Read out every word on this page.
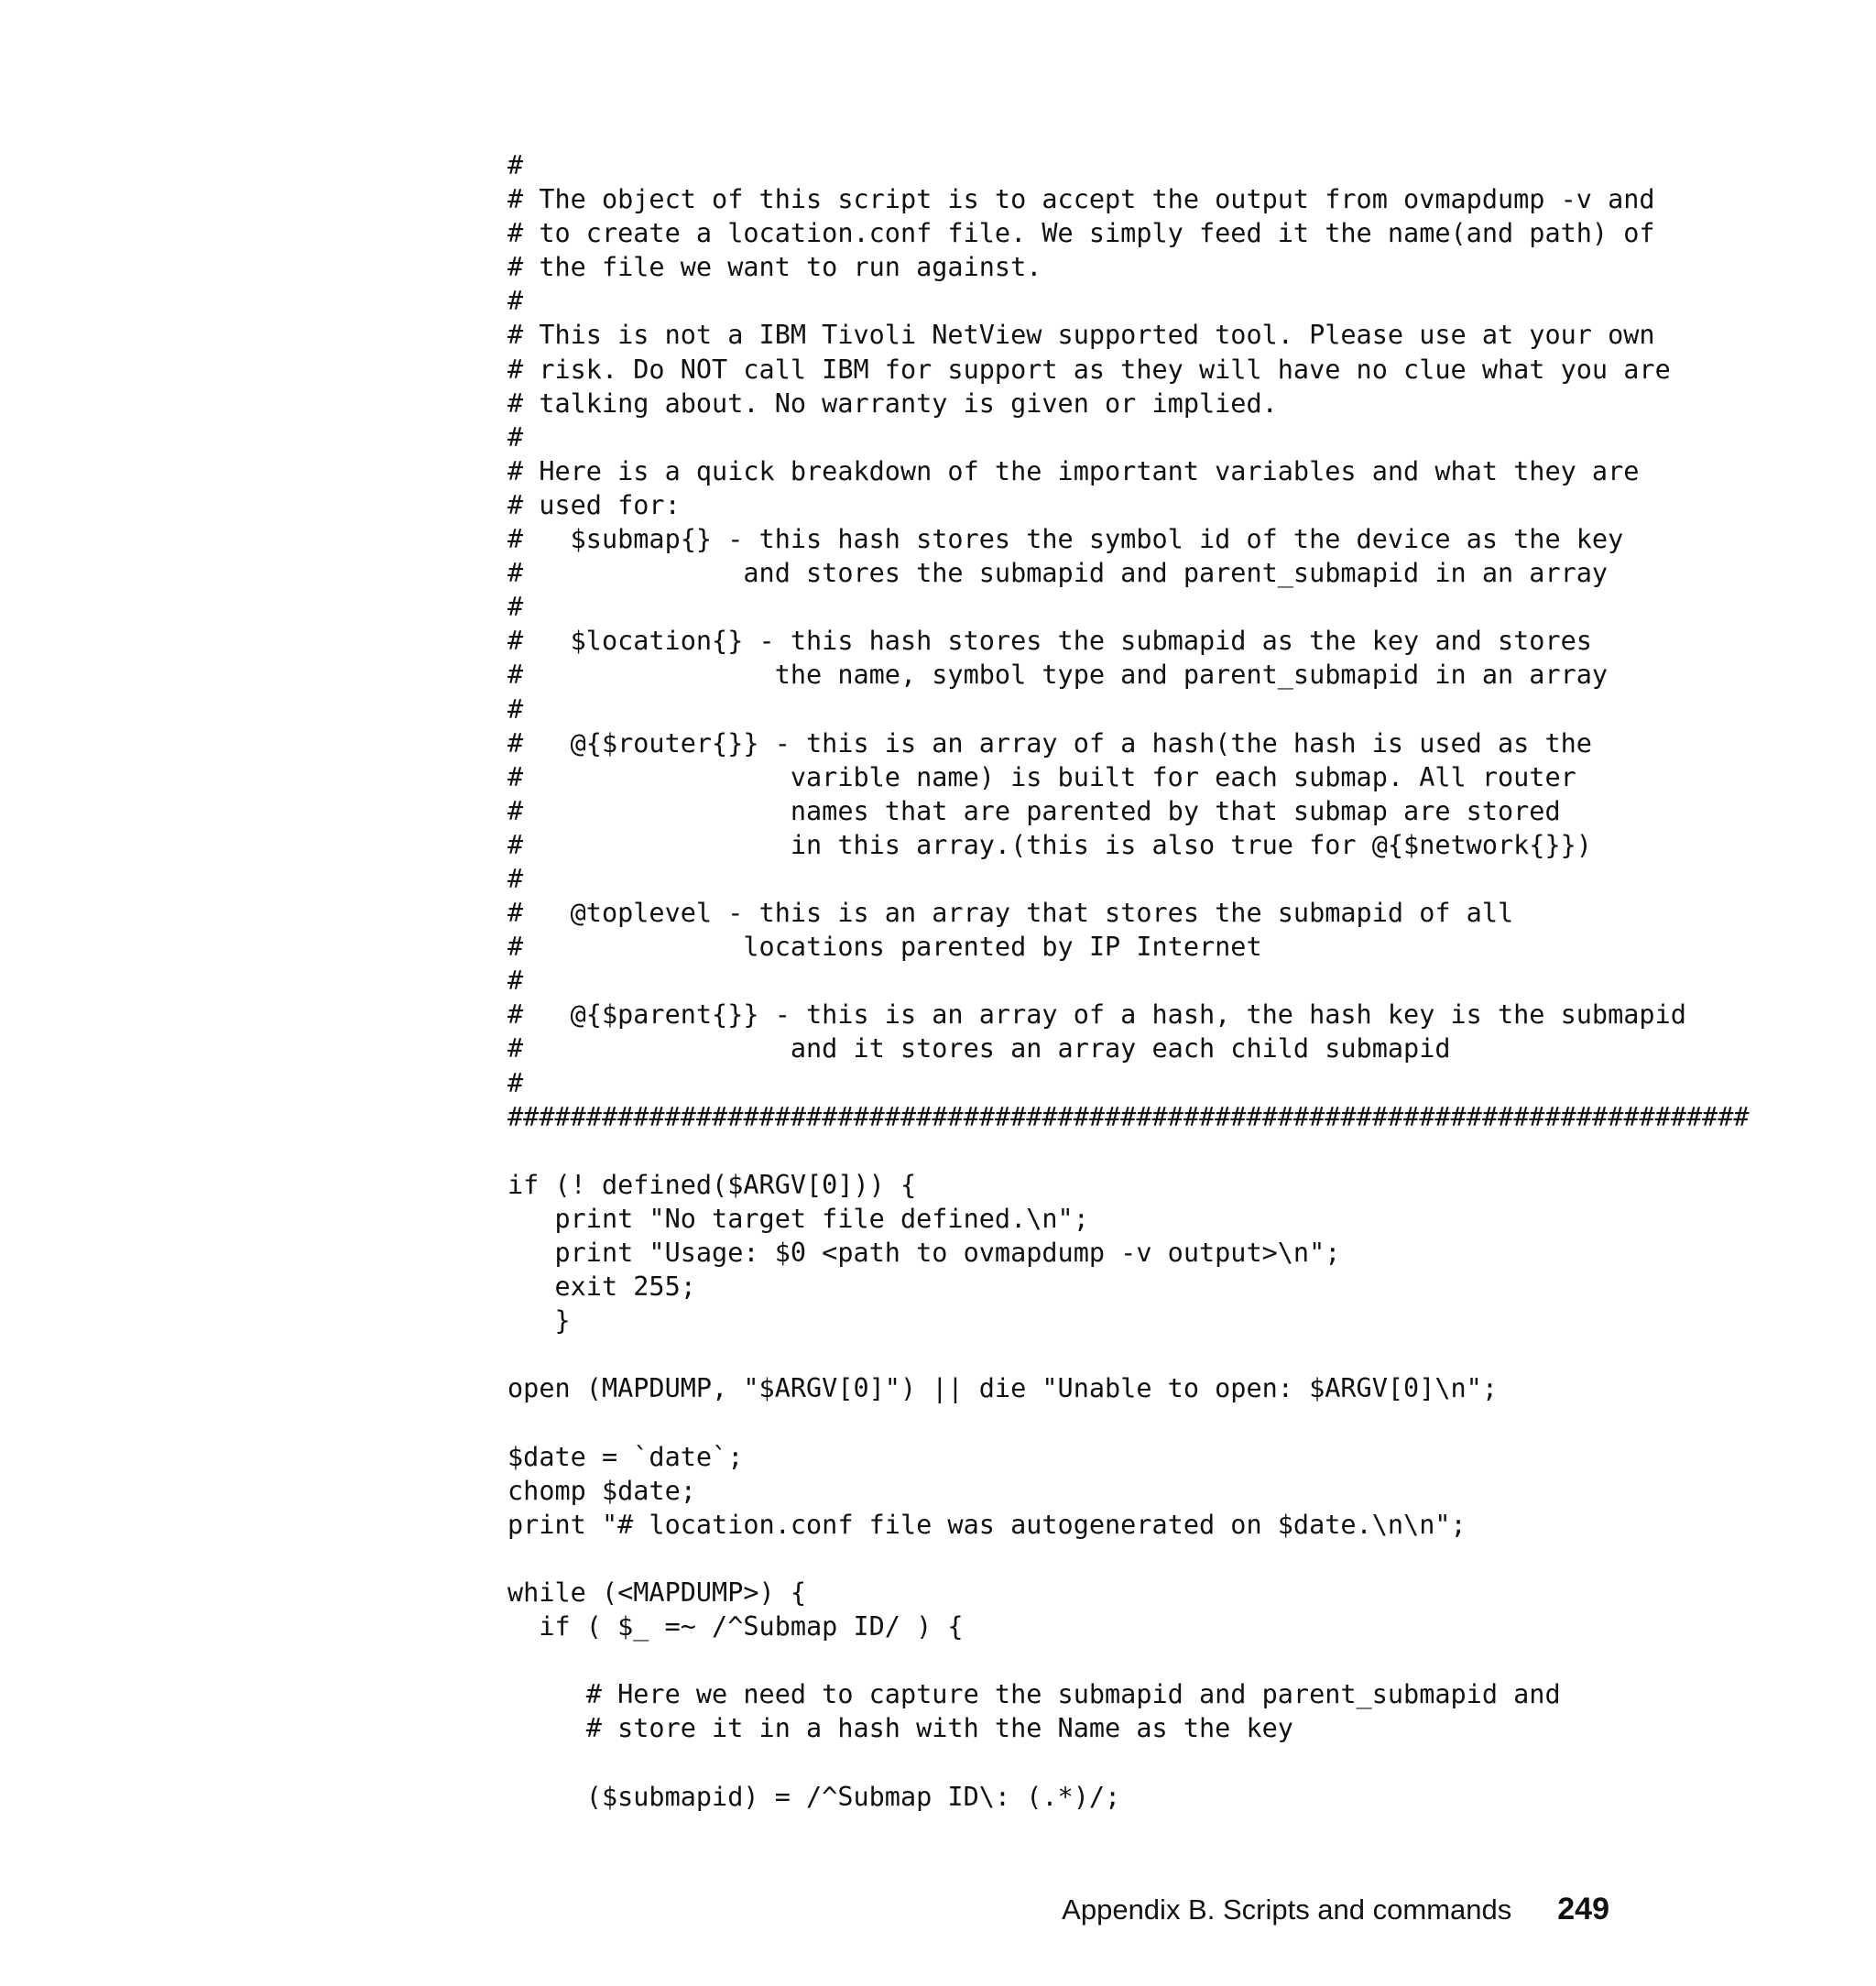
#
# The object of this script is to accept the output from ovmapdump -v and
# to create a location.conf file. We simply feed it the name(and path) of
# the file we want to run against.
#
# This is not a IBM Tivoli NetView supported tool. Please use at your own
# risk. Do NOT call IBM for support as they will have no clue what you are
# talking about. No warranty is given or implied.
#
# Here is a quick breakdown of the important variables and what they are
# used for:
#   $submap{} - this hash stores the symbol id of the device as the key
#              and stores the submapid and parent_submapid in an array
#
#   $location{} - this hash stores the submapid as the key and stores
#                the name, symbol type and parent_submapid in an array
#
#   @{$router{}} - this is an array of a hash(the hash is used as the
#                 varible name) is built for each submap. All router
#                 names that are parented by that submap are stored
#                 in this array.(this is also true for @{$network{}})
#
#   @toplevel - this is an array that stores the submapid of all
#              locations parented by IP Internet
#
#   @{$parent{}} - this is an array of a hash, the hash key is the submapid
#                 and it stores an array each child submapid
#
###############################################################################
if (! defined($ARGV[0])) {
print "No target file defined.\n";
print "Usage: $0 <path to ovmapdump -v output>\n";
exit 255;
}
open (MAPDUMP, "$ARGV[0]") || die "Unable to open: $ARGV[0]\n";
$date = `date`;
chomp $date;
print "# location.conf file was autogenerated on $date.\n\n";
while (<MAPDUMP>) {
if ( $_ =~ /^Submap ID/ ) {
# Here we need to capture the submapid and parent_submapid and
# store it in a hash with the Name as the key
($submapid) = /^Submap ID\: (.*)/;
Appendix B. Scripts and commands 249
